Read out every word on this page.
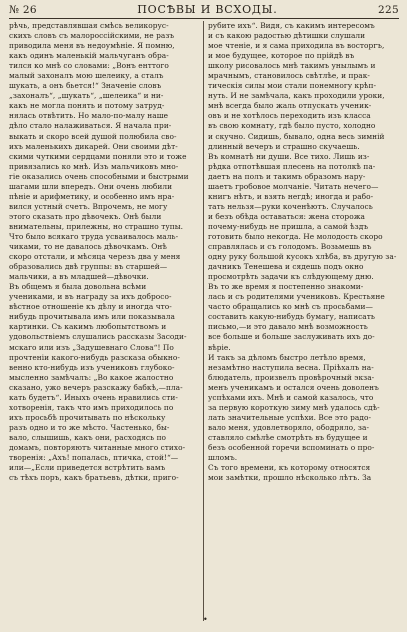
№ 26	ПОСѢВЫ И ВСХОДЫ.	225
рѣчь, представлявшая смѣсь великорус-
скихъ словъ съ малороссійскими, не разъ
приводила меня въ недоумѣніе. Я помню,
какъ одинъ маленькій мальчуганъ обра-
тился ко мнѣ со словами: „Вонъ енттого
малый захоналъ мою шелеику, а сталъ
шукать, а онъ бьется!“ Значеніе словъ
„захоналъ“, „шукать“, „шелеика“ и ни-
какъ не могла понять и потому затруд-
нялась отвѣтить. Но мало-по-малу наше
дѣло стало налаживаться. Я начала при-
выкать и скоро всей душой полюбила сво-
ихъ маленькихъ дикарей. Они своими дѣт-
скими чуткими сердцами поняли это и тоже
привязались ко мнѣ. Изъ мальчиковъ мно-
гіе оказались очень способными и быстрыми
шагами шли впередъ. Они очень любили
пѣніе и арифметику, и особенно имъ нра-
вился устный счетъ. Впрочемъ, не могу
этого сказать про дѣвочекъ. Онѣ были
внимательны, прилежны, но страшно тупы.
Что было всякаго труда усваивалось маль-
чиками, то не давалось дѣвочкамъ. Онѣ
скоро отстали, и мѣсяца черезъ два у меня
образовались двѣ группы: въ старшей—
мальчики, а въ младшей—дѣвочки.
Въ общемъ я была довольна всѣми
учениками, и въ награду за ихъ добросо-
вѣстное отношеніе къ дѣлу и иногда что-
нибудь прочитывала имъ или показывала
картинки. Съ какимъ любопытствомъ и
удовольствіемъ слушались рассказы Засоди-
мскаго или изъ „Задушевнаго Слова“! По
прочтеніи какого-нибудь разсказа обыкно-
венно кто-нибудь изъ учениковъ глубоко-
мысленно замѣчалъ: „Во какое жалостно
сказано, ужо вечеръ разскажу бабкѣ,—пла-
кать будетъ“. Иныхъ очень нравились сти-
хотворенія, такъ что имъ приходилось по
ихъ просьбѣ прочитывать по нѣскольку
разъ одно и то же мѣсто. Частенько, бы-
вало, слышишь, какъ они, расходясь по
домамъ, повторяютъ читанные много стихо-
творенія: „Ахъ! попалась, птичка, стой!“—
или—„Если приведется встрѣтить вамъ
съ тѣхъ поръ, какъ братьевъ, дѣтки, приго-
рубите ихъ“. Видя, съ какимъ интересомъ
и съ какою радостью дѣтишки слушали
мое чтеніе, и я сама приходила въ восторгъ,
и мое будущее, которое по прійдѣ въ
школу рисовалось мнѣ такимъ унылымъ и
мрачнымъ, становилось свѣтлѣе, и прак-
тическія силы мои стали понемногу крѣп-
нуть. И не замѣчала, какъ проходили уроки,
мнѣ всегда было жаль отпускать ученик-
овъ и не хотѣлось переходить изъ класса
въ свою комнату, гдѣ было пусто, холодно
и скучно. Сидишь, бывало, одна весь зимній
длинный вечеръ и страшно скучаешь.
Въ комнатѣ ни души. Все тихо. Лишь из-
рѣдка отпотѣвшая плесень на потолкѣ па-
даетъ на полъ и такимъ образомъ нару-
шаетъ гробовое молчаніе. Читать нечего—
книгъ нѣтъ, и взять негдѣ; иногда и рабо-
тать нельзя—руки коченѣютъ. Случалось
и безъ обѣда оставаться: жена сторожа
почему-нибудь не пришла, а самой ѣздъ
готовить было некогда. Не молодость скоро
справлялась и съ голодомъ. Возьмешь въ
одну руку большой кусокъ хлѣба, въ другую за-
дачникъ Тенешева и сядешь подъ окно
просмотрѣть задачи къ слѣдующему дню.
Въ то же время я постепенно знакоми-
лась и съ родителями учениковъ. Крестьяне
часто обращались ко мнѣ съ просьбами—
составить какую-нибудь бумагу, написать
письмо,—и это давало мнѣ возможность
все больше и больше заслуживать ихъ до-
вѣріе.
И такъ за дѣломъ быстро летѣло время,
незамѣтно наступила весна. Пріѣхалъ на-
блюдатель, произвелъ провѣрочный экза-
менъ ученикамъ и остался очень доволенъ
успѣхами ихъ. Мнѣ и самой казалось, что
за первую короткую зиму мнѣ удалось сдѣ-
лать значительные успѣхи. Все это радо-
вало меня, удовлетворяло, ободряло, за-
ставляло смѣлѣе смотрѣть въ будущее и
безъ особенной горечи вспоминать о про-
шломъ.
Съ того времени, къ которому относятся
мои замѣтки, прошло нѣсколько лѣтъ. За
•
